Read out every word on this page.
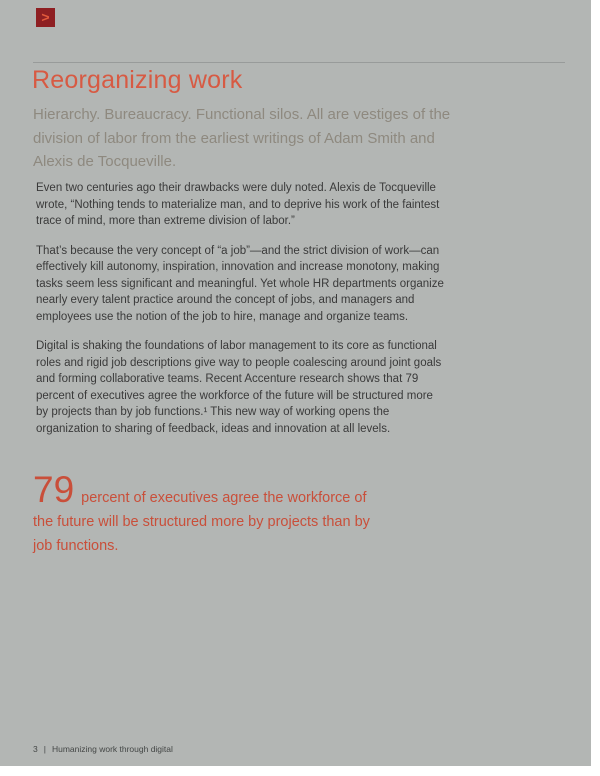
>
Reorganizing work

Hierarchy. Bureaucracy. Functional silos. All are vestiges of the division of labor from the earliest writings of Adam Smith and Alexis de Tocqueville.

Even two centuries ago their drawbacks were duly noted. Alexis de Tocqueville wrote, “Nothing tends to materialize man, and to deprive his work of the faintest trace of mind, more than extreme division of labor.”

That’s because the very concept of “a job”—and the strict division of work—can effectively kill autonomy, inspiration, innovation and increase monotony, making tasks seem less significant and meaningful. Yet whole HR departments organize nearly every talent practice around the concept of jobs, and managers and employees use the notion of the job to hire, manage and organize teams.

Digital is shaking the foundations of labor management to its core as functional roles and rigid job descriptions give way to people coalescing around joint goals and forming collaborative teams. Recent Accenture research shows that 79 percent of executives agree the workforce of the future will be structured more by projects than by job functions.¹ This new way of working opens the organization to sharing of feedback, ideas and innovation at all levels.

79 percent of executives agree the workforce of the future will be structured more by projects than by job functions.
3 | Humanizing work through digital
